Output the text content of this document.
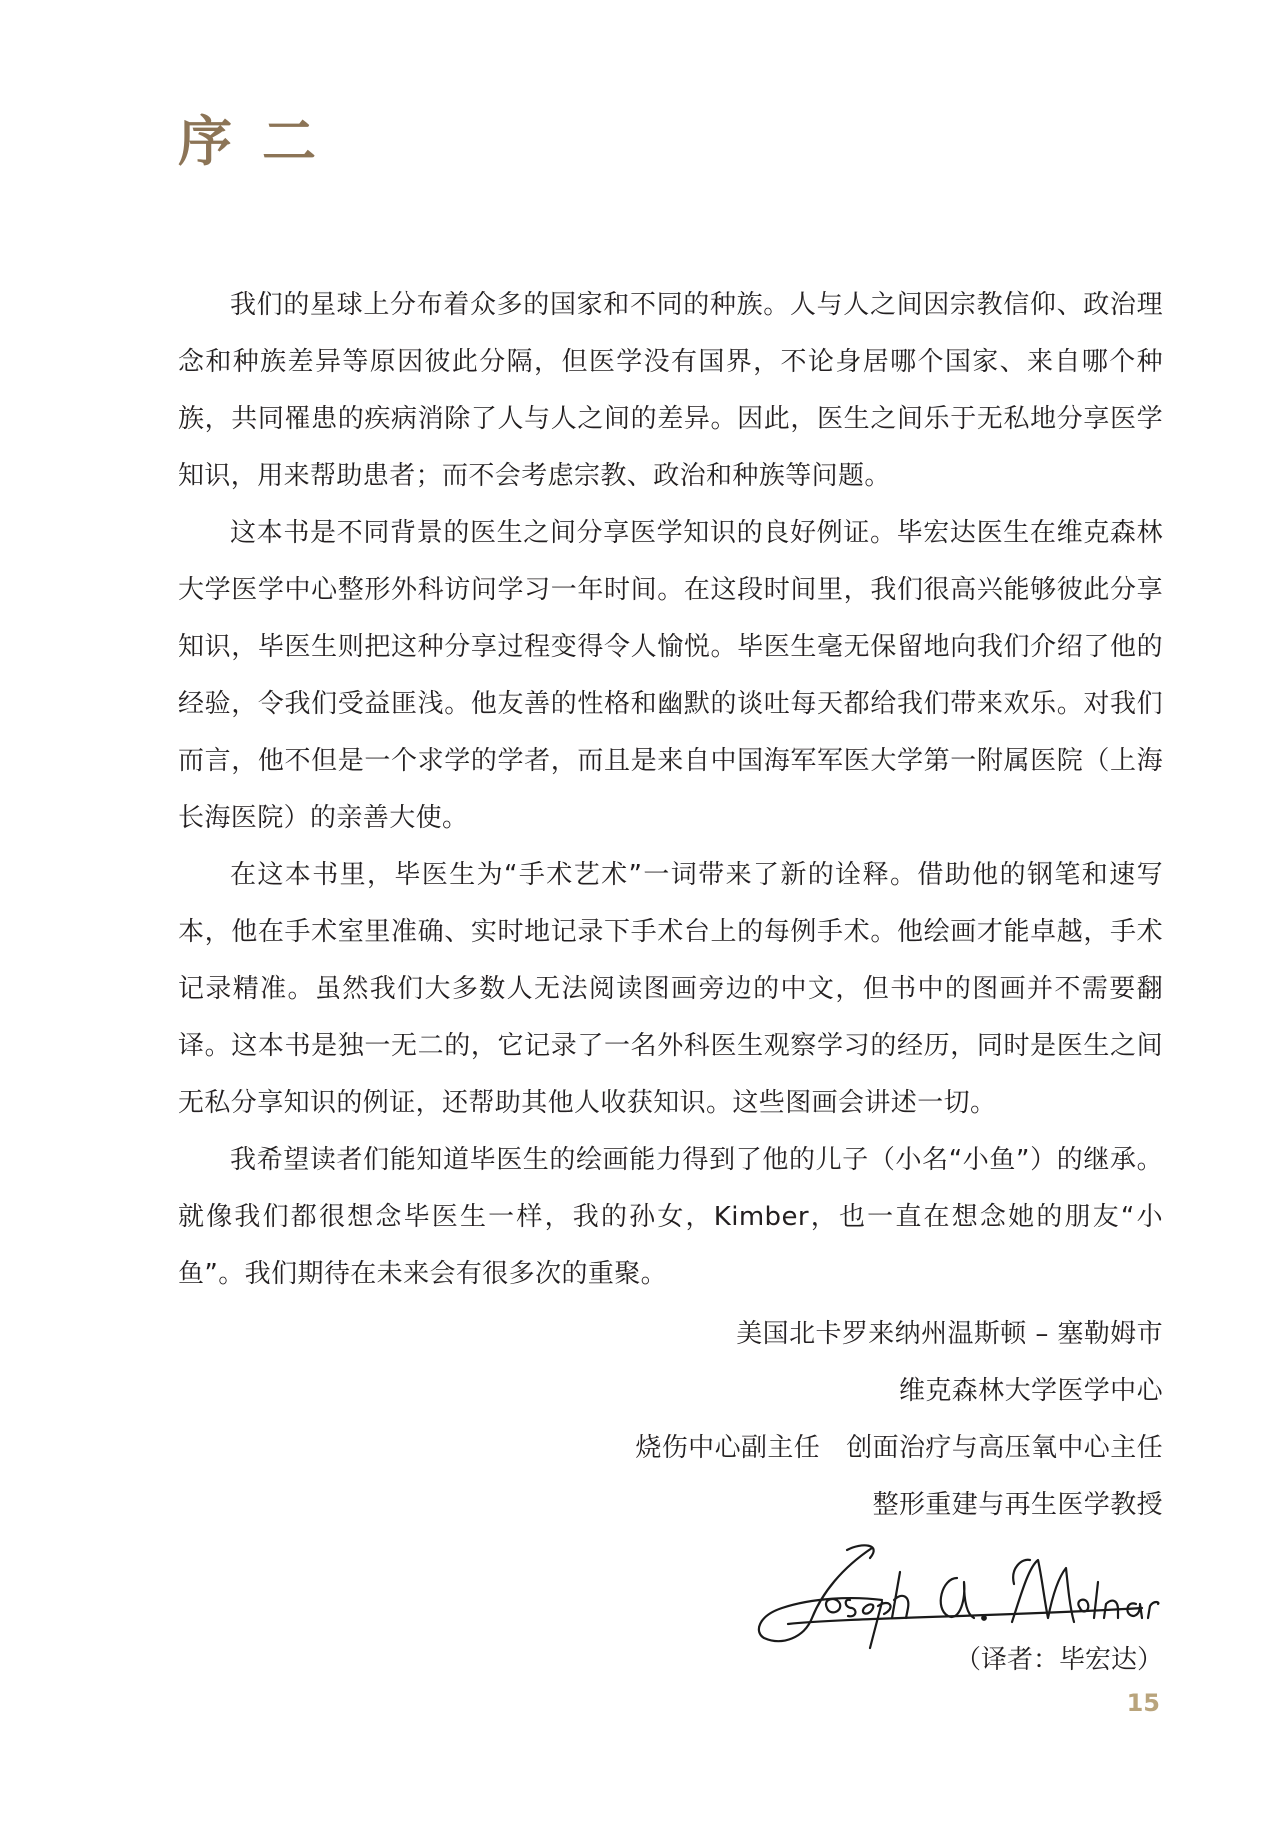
序二

我们的星球上分布着众多的国家和不同的种族。人与人之间因宗教信仰、政治理念和种族差异等原因彼此分隔，但医学没有国界，不论身居哪个国家、来自哪个种族，共同罹患的疾病消除了人与人之间的差异。因此，医生之间乐于无私地分享医学知识，用来帮助患者；而不会考虑宗教、政治和种族等问题。

这本书是不同背景的医生之间分享医学知识的良好例证。毕宏达医生在维克森林大学医学中心整形外科访问学习一年时间。在这段时间里，我们很高兴能够彼此分享知识，毕医生则把这种分享过程变得令人愉悦。毕医生毫无保留地向我们介绍了他的经验，令我们受益匪浅。他友善的性格和幽默的谈吐每天都给我们带来欢乐。对我们而言，他不但是一个求学的学者，而且是来自中国海军军医大学第一附属医院（上海长海医院）的亲善大使。

在这本书里，毕医生为“手术艺术”一词带来了新的诠释。借助他的钢笔和速写本，他在手术室里准确、实时地记录下手术台上的每例手术。他绘画才能卓越，手术记录精准。虽然我们大多数人无法阅读图画旁边的中文，但书中的图画并不需要翻译。这本书是独一无二的，它记录了一名外科医生观察学习的经历，同时是医生之间无私分享知识的例证，还帮助其他人收获知识。这些图画会讲述一切。

我希望读者们能知道毕医生的绘画能力得到了他的儿子（小名“小鱼”）的继承。就像我们都很想念毕医生一样，我的孙女，Kimber，也一直在想念她的朋友“小鱼”。我们期待在未来会有很多次的重聚。

美国北卡罗来纳州温斯顿 – 塞勒姆市
维克森林大学医学中心
烧伤中心副主任 创面治疗与高压氧中心主任
整形重建与再生医学教授
（译者：毕宏达）
15
